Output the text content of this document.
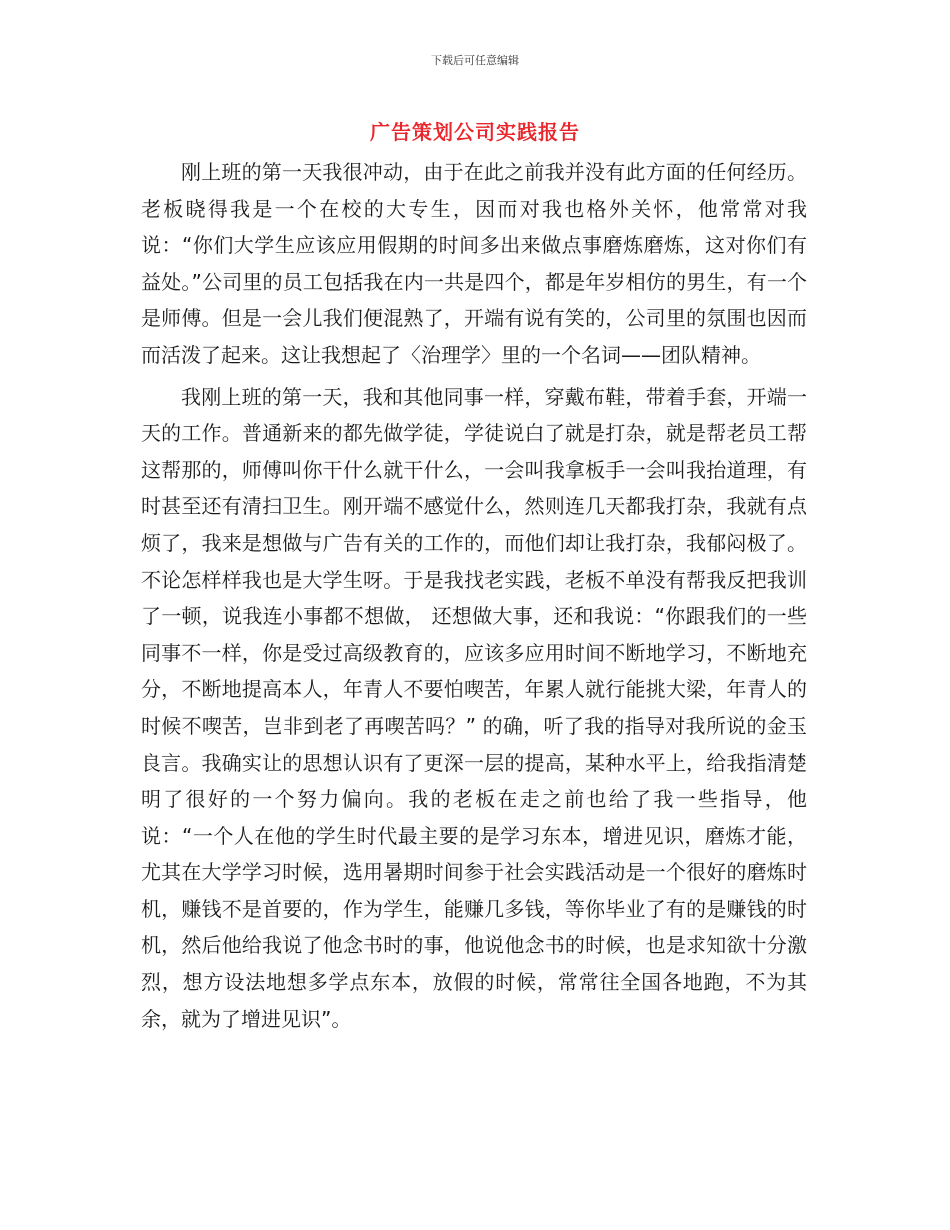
下载后可任意编辑
广告策划公司实践报告

刚上班的第一天我很冲动，由于在此之前我并没有此方面的任何经历。老板晓得我是一个在校的大专生，因而对我也格外关怀，他常常对我说：“你们大学生应该应用假期的时间多出来做点事磨炼磨炼，这对你们有益处。”公司里的员工包括我在内一共是四个，都是年岁相仿的男生，有一个是师傅。但是一会儿我们便混熟了，开端有说有笑的，公司里的氛围也因而而活泼了起来。这让我想起了〈治理学〉里的一个名词——团队精神。

我刚上班的第一天，我和其他同事一样，穿戴布鞋，带着手套，开端一天的工作。普通新来的都先做学徒，学徒说白了就是打杂，就是帮老员工帮这帮那的，师傅叫你干什么就干什么，一会叫我拿板手一会叫我抬道理，有时甚至还有清扫卫生。刚开端不感觉什么，然则连几天都我打杂，我就有点烦了，我来是想做与广告有关的工作的，而他们却让我打杂，我郁闷极了。不论怎样样我也是大学生呀。于是我找老实践，老板不单没有帮我反把我训了一顿，说我连小事都不想做， 还想做大事，还和我说：“你跟我们的一些同事不一样，你是受过高级教育的，应该多应用时间不断地学习，不断地充分，不断地提高本人，年青人不要怕喫苦，年累人就行能挑大梁，年青人的时候不喫苦，岂非到老了再喫苦吗？” 的确，听了我的指导对我所说的金玉良言。我确实让的思想认识有了更深一层的提高，某种水平上，给我指清楚明了很好的一个努力偏向。我的老板在走之前也给了我一些指导，他说：“一个人在他的学生时代最主要的是学习东本，增进见识，磨炼才能，尤其在大学学习时候，选用暑期时间参于社会实践活动是一个很好的磨炼时机，赚钱不是首要的，作为学生，能赚几多钱，等你毕业了有的是赚钱的时机，然后他给我说了他念书时的事，他说他念书的时候，也是求知欲十分激烈，想方设法地想多学点东本，放假的时候，常常往全国各地跑，不为其余，就为了增进见识”。
